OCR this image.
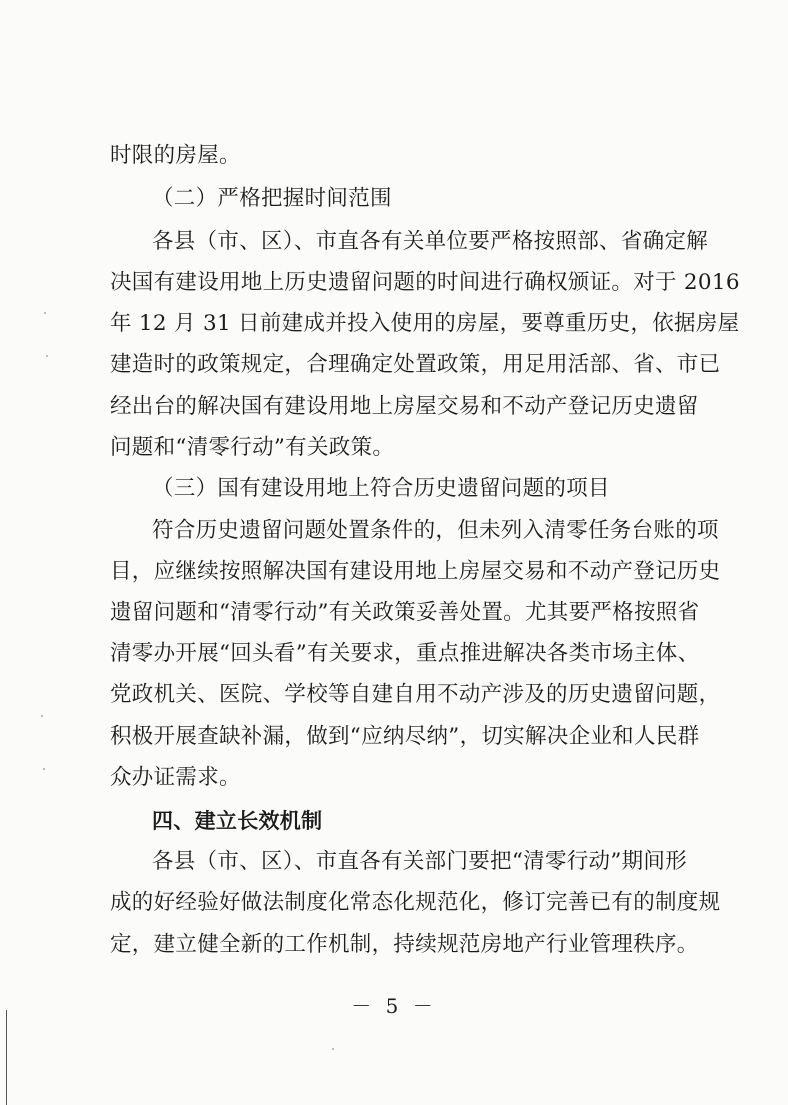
时限的房屋。
（二）严格把握时间范围
各县（市、区）、市直各有关单位要严格按照部、省确定解
决国有建设用地上历史遗留问题的时间进行确权颁证。对于 2016
年 12 月 31 日前建成并投入使用的房屋，要尊重历史，依据房屋
建造时的政策规定，合理确定处置政策，用足用活部、省、市已
经出台的解决国有建设用地上房屋交易和不动产登记历史遗留
问题和“清零行动”有关政策。
（三）国有建设用地上符合历史遗留问题的项目
符合历史遗留问题处置条件的，但未列入清零任务台账的项
目，应继续按照解决国有建设用地上房屋交易和不动产登记历史
遗留问题和“清零行动”有关政策妥善处置。尤其要严格按照省
清零办开展“回头看”有关要求，重点推进解决各类市场主体、
党政机关、医院、学校等自建自用不动产涉及的历史遗留问题，
积极开展查缺补漏，做到“应纳尽纳”，切实解决企业和人民群
众办证需求。
四、建立长效机制
各县（市、区）、市直各有关部门要把“清零行动”期间形
成的好经验好做法制度化常态化规范化，修订完善已有的制度规
定，建立健全新的工作机制，持续规范房地产行业管理秩序。
－ 5 －
